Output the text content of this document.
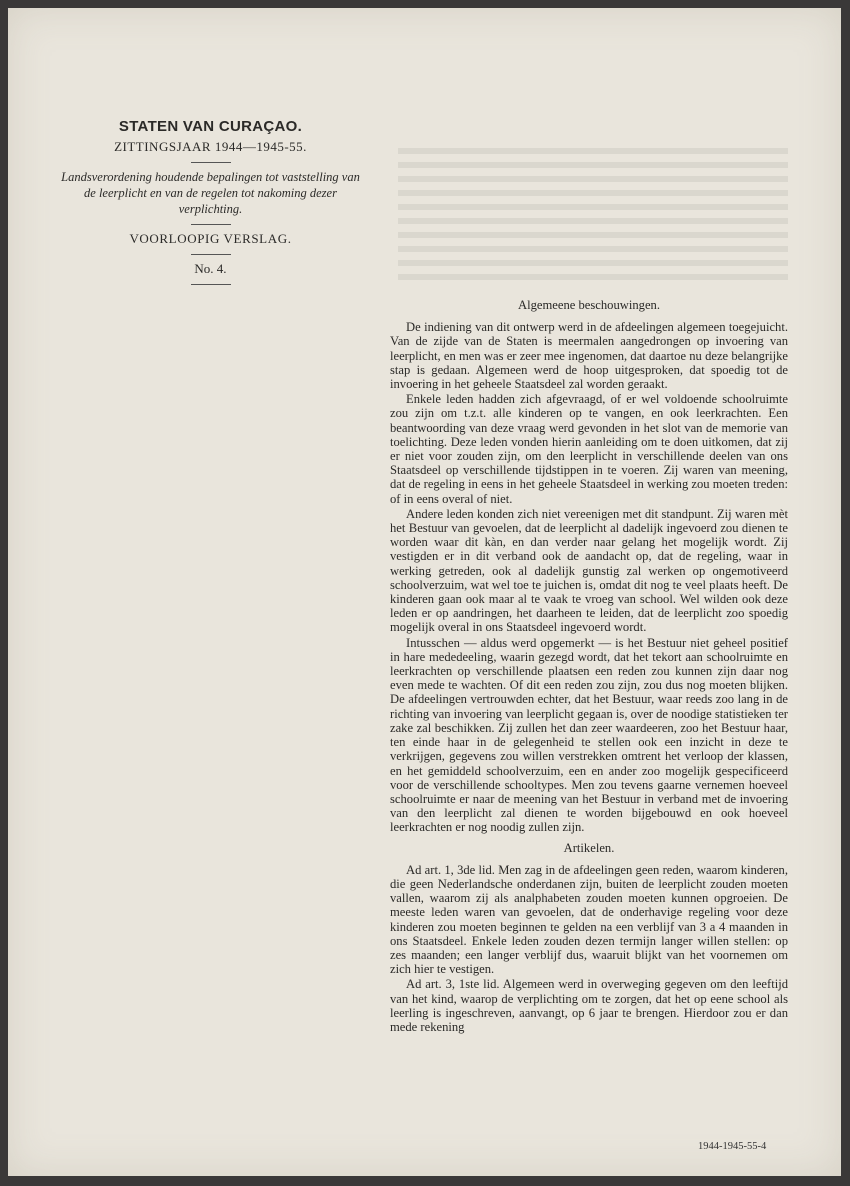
STATEN VAN CURAÇAO.
ZITTINGSJAAR 1944—1945-55.
Landsverordening houdende bepalingen tot vaststelling van de leerplicht en van de regelen tot nakoming dezer verplichting.
VOORLOOPIG VERSLAG.
No. 4.
Algemeene beschouwingen.

De indiening van dit ontwerp werd in de afdeelingen algemeen toegejuicht. Van de zijde van de Staten is meermalen aangedrongen op invoering van leerplicht, en men was er zeer mee ingenomen, dat daartoe nu deze belangrijke stap is gedaan. Algemeen werd de hoop uitgesproken, dat spoedig tot de invoering in het geheele Staatsdeel zal worden geraakt.

Enkele leden hadden zich afgevraagd, of er wel voldoende schoolruimte zou zijn om t.z.t. alle kinderen op te vangen, en ook leerkrachten. Een beantwoording van deze vraag werd gevonden in het slot van de memorie van toelichting. Deze leden vonden hierin aanleiding om te doen uitkomen, dat zij er niet voor zouden zijn, om den leerplicht in verschillende deelen van ons Staatsdeel op verschillende tijdstippen in te voeren. Zij waren van meening, dat de regeling in eens in het geheele Staatsdeel in werking zou moeten treden: of in eens overal of niet.

Andere leden konden zich niet vereenigen met dit standpunt. Zij waren mèt het Bestuur van gevoelen, dat de leerplicht al dadelijk ingevoerd zou dienen te worden waar dit kàn, en dan verder naar gelang het mogelijk wordt. Zij vestigden er in dit verband ook de aandacht op, dat de regeling, waar in werking getreden, ook al dadelijk gunstig zal werken op ongemotiveerd schoolverzuim, wat wel toe te juichen is, omdat dit nog te veel plaats heeft. De kinderen gaan ook maar al te vaak te vroeg van school. Wel wilden ook deze leden er op aandringen, het daarheen te leiden, dat de leerplicht zoo spoedig mogelijk overal in ons Staatsdeel ingevoerd wordt.

Intusschen — aldus werd opgemerkt — is het Bestuur niet geheel positief in hare mededeeling, waarin gezegd wordt, dat het tekort aan schoolruimte en leerkrachten op verschillende plaatsen een reden zou kunnen zijn daar nog even mede te wachten. Of dit een reden zou zijn, zou dus nog moeten blijken. De afdeelingen vertrouwden echter, dat het Bestuur, waar reeds zoo lang in de richting van invoering van leerplicht gegaan is, over de noodige statistieken ter zake zal beschikken. Zij zullen het dan zeer waardeeren, zoo het Bestuur haar, ten einde haar in de gelegenheid te stellen ook een inzicht in deze te verkrijgen, gegevens zou willen verstrekken omtrent het verloop der klassen, en het gemiddeld schoolverzuim, een en ander zoo mogelijk gespecificeerd voor de verschillende schooltypes. Men zou tevens gaarne vernemen hoeveel schoolruimte er naar de meening van het Bestuur in verband met de invoering van den leerplicht zal dienen te worden bijgebouwd en ook hoeveel leerkrachten er nog noodig zullen zijn.

Artikelen.

Ad art. 1, 3de lid. Men zag in de afdeelingen geen reden, waarom kinderen, die geen Nederlandsche onderdanen zijn, buiten de leerplicht zouden moeten vallen, waarom zij als analphabeten zouden moeten kunnen opgroeien. De meeste leden waren van gevoelen, dat de onderhavige regeling voor deze kinderen zou moeten beginnen te gelden na een verblijf van 3 a 4 maanden in ons Staatsdeel. Enkele leden zouden dezen termijn langer willen stellen: op zes maanden; een langer verblijf dus, waaruit blijkt van het voornemen om zich hier te vestigen.

Ad art. 3, 1ste lid. Algemeen werd in overweging gegeven om den leeftijd van het kind, waarop de verplichting om te zorgen, dat het op eene school als leerling is ingeschreven, aanvangt, op 6 jaar te brengen. Hierdoor zou er dan mede rekening

1944-1945-55-4
